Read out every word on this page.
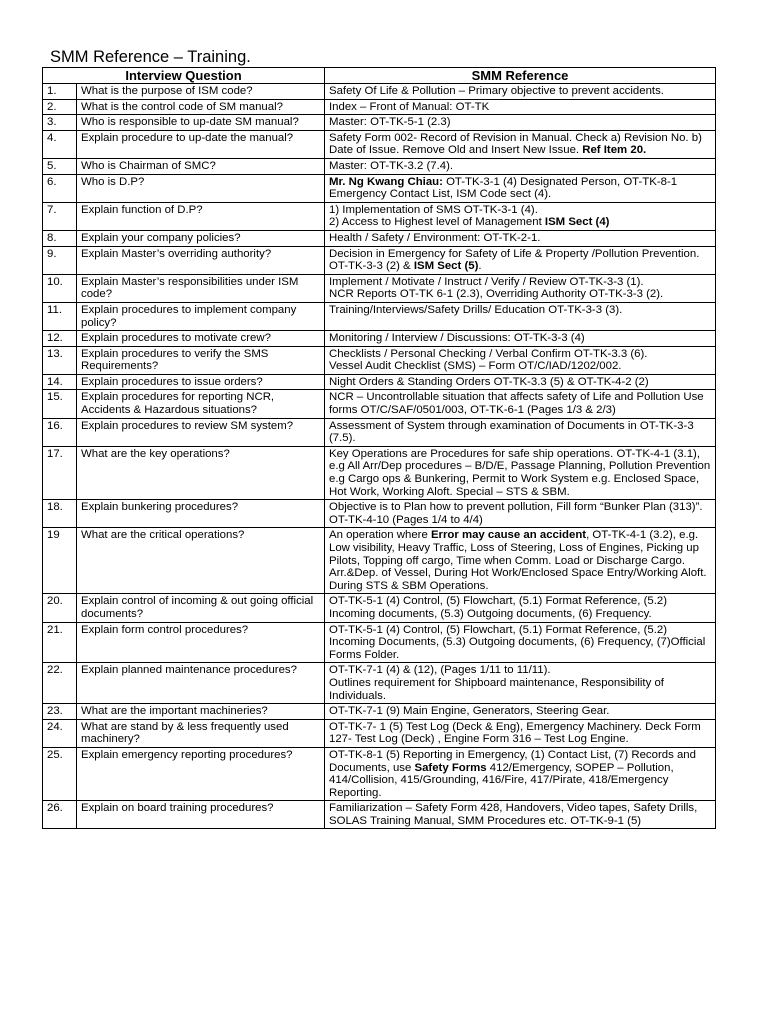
SMM Reference – Training.
Interview Question		SMM Reference
1.	What is the purpose of ISM code?	Safety Of Life & Pollution – Primary objective to prevent accidents.
2.	What is the control code of SM manual?	Index – Front of Manual: OT-TK
3.	Who is responsible to up-date SM manual?	Master: OT-TK-5-1 (2.3)
4.	Explain procedure to up-date the manual?	Safety Form 002- Record of Revision in Manual. Check a) Revision No. b) Date of Issue. Remove Old and Insert New Issue. Ref Item 20.
5.	Who is Chairman of SMC?	Master: OT-TK-3.2 (7.4).
6.	Who is D.P?	Mr. Ng Kwang Chiau: OT-TK-3-1 (4) Designated Person, OT-TK-8-1 Emergency Contact List, ISM Code sect (4).
7.	Explain function of D.P?	1) Implementation of SMS OT-TK-3-1 (4).
2) Access to Highest level of Management ISM Sect (4)
8.	Explain your company policies?	Health / Safety / Environment: OT-TK-2-1.
9.	Explain Master’s overriding authority?	Decision in Emergency for Safety of Life & Property /Pollution Prevention. OT-TK-3-3 (2) & ISM Sect (5).
10.	Explain Master’s responsibilities under ISM code?	Implement / Motivate / Instruct / Verify / Review OT-TK-3-3 (1).
NCR Reports OT-TK 6-1 (2.3), Overriding Authority OT-TK-3-3 (2).
11.	Explain procedures to implement company policy?	Training/Interviews/Safety Drills/ Education OT-TK-3-3 (3).
12.	Explain procedures to motivate crew?	Monitoring / Interview / Discussions: OT-TK-3-3 (4)
13.	Explain procedures to verify the SMS Requirements?	Checklists / Personal Checking / Verbal Confirm OT-TK-3.3 (6).
Vessel Audit Checklist (SMS) – Form OT/C/IAD/1202/002.
14.	Explain procedures to issue orders?	Night Orders & Standing Orders OT-TK-3.3 (5) & OT-TK-4-2 (2)
15.	Explain procedures for reporting NCR, Accidents & Hazardous situations?	NCR – Uncontrollable situation that affects safety of Life and Pollution Use forms OT/C/SAF/0501/003, OT-TK-6-1 (Pages 1/3 & 2/3)
16.	Explain procedures to review SM system?	Assessment of System through examination of Documents in OT-TK-3-3 (7.5).
17.	What are the key operations?	Key Operations are Procedures for safe ship operations. OT-TK-4-1 (3.1), e.g All Arr/Dep procedures – B/D/E, Passage Planning, Pollution Prevention e.g Cargo ops & Bunkering, Permit to Work System e.g. Enclosed Space, Hot Work, Working Aloft. Special – STS & SBM.
18.	Explain bunkering procedures?	Objective is to Plan how to prevent pollution, Fill form “Bunker Plan (313)”. OT-TK-4-10 (Pages 1/4 to 4/4)
19	What are the critical operations?	An operation where Error may cause an accident, OT-TK-4-1 (3.2), e.g. Low visibility, Heavy Traffic, Loss of Steering, Loss of Engines, Picking up Pilots, Topping off cargo, Time when Comm. Load or Discharge Cargo. Arr.&Dep. of Vessel, During Hot Work/Enclosed Space Entry/Working Aloft. During STS & SBM Operations.
20.	Explain control of incoming & out going official documents?	OT-TK-5-1 (4) Control, (5) Flowchart, (5.1) Format Reference, (5.2) Incoming documents, (5.3) Outgoing documents, (6) Frequency.
21.	Explain form control procedures?	OT-TK-5-1 (4) Control, (5) Flowchart, (5.1) Format Reference, (5.2) Incoming Documents, (5.3) Outgoing documents, (6) Frequency, (7)Official Forms Folder.
22.	Explain planned maintenance procedures?	OT-TK-7-1 (4) & (12), (Pages 1/11 to 11/11).
Outlines requirement for Shipboard maintenance, Responsibility of Individuals.
23.	What are the important machineries?	OT-TK-7-1 (9) Main Engine, Generators, Steering Gear.
24.	What are stand by & less frequently used machinery?	OT-TK-7- 1 (5) Test Log (Deck & Eng), Emergency Machinery. Deck Form 127- Test Log (Deck) , Engine Form 316 – Test Log Engine.
25.	Explain emergency reporting procedures?	OT-TK-8-1 (5) Reporting in Emergency, (1) Contact List, (7) Records and Documents, use Safety Forms 412/Emergency, SOPEP – Pollution, 414/Collision, 415/Grounding, 416/Fire, 417/Pirate, 418/Emergency Reporting.
26.	Explain on board training procedures?	Familiarization – Safety Form 428, Handovers, Video tapes, Safety Drills, SOLAS Training Manual, SMM Procedures etc. OT-TK-9-1 (5)
